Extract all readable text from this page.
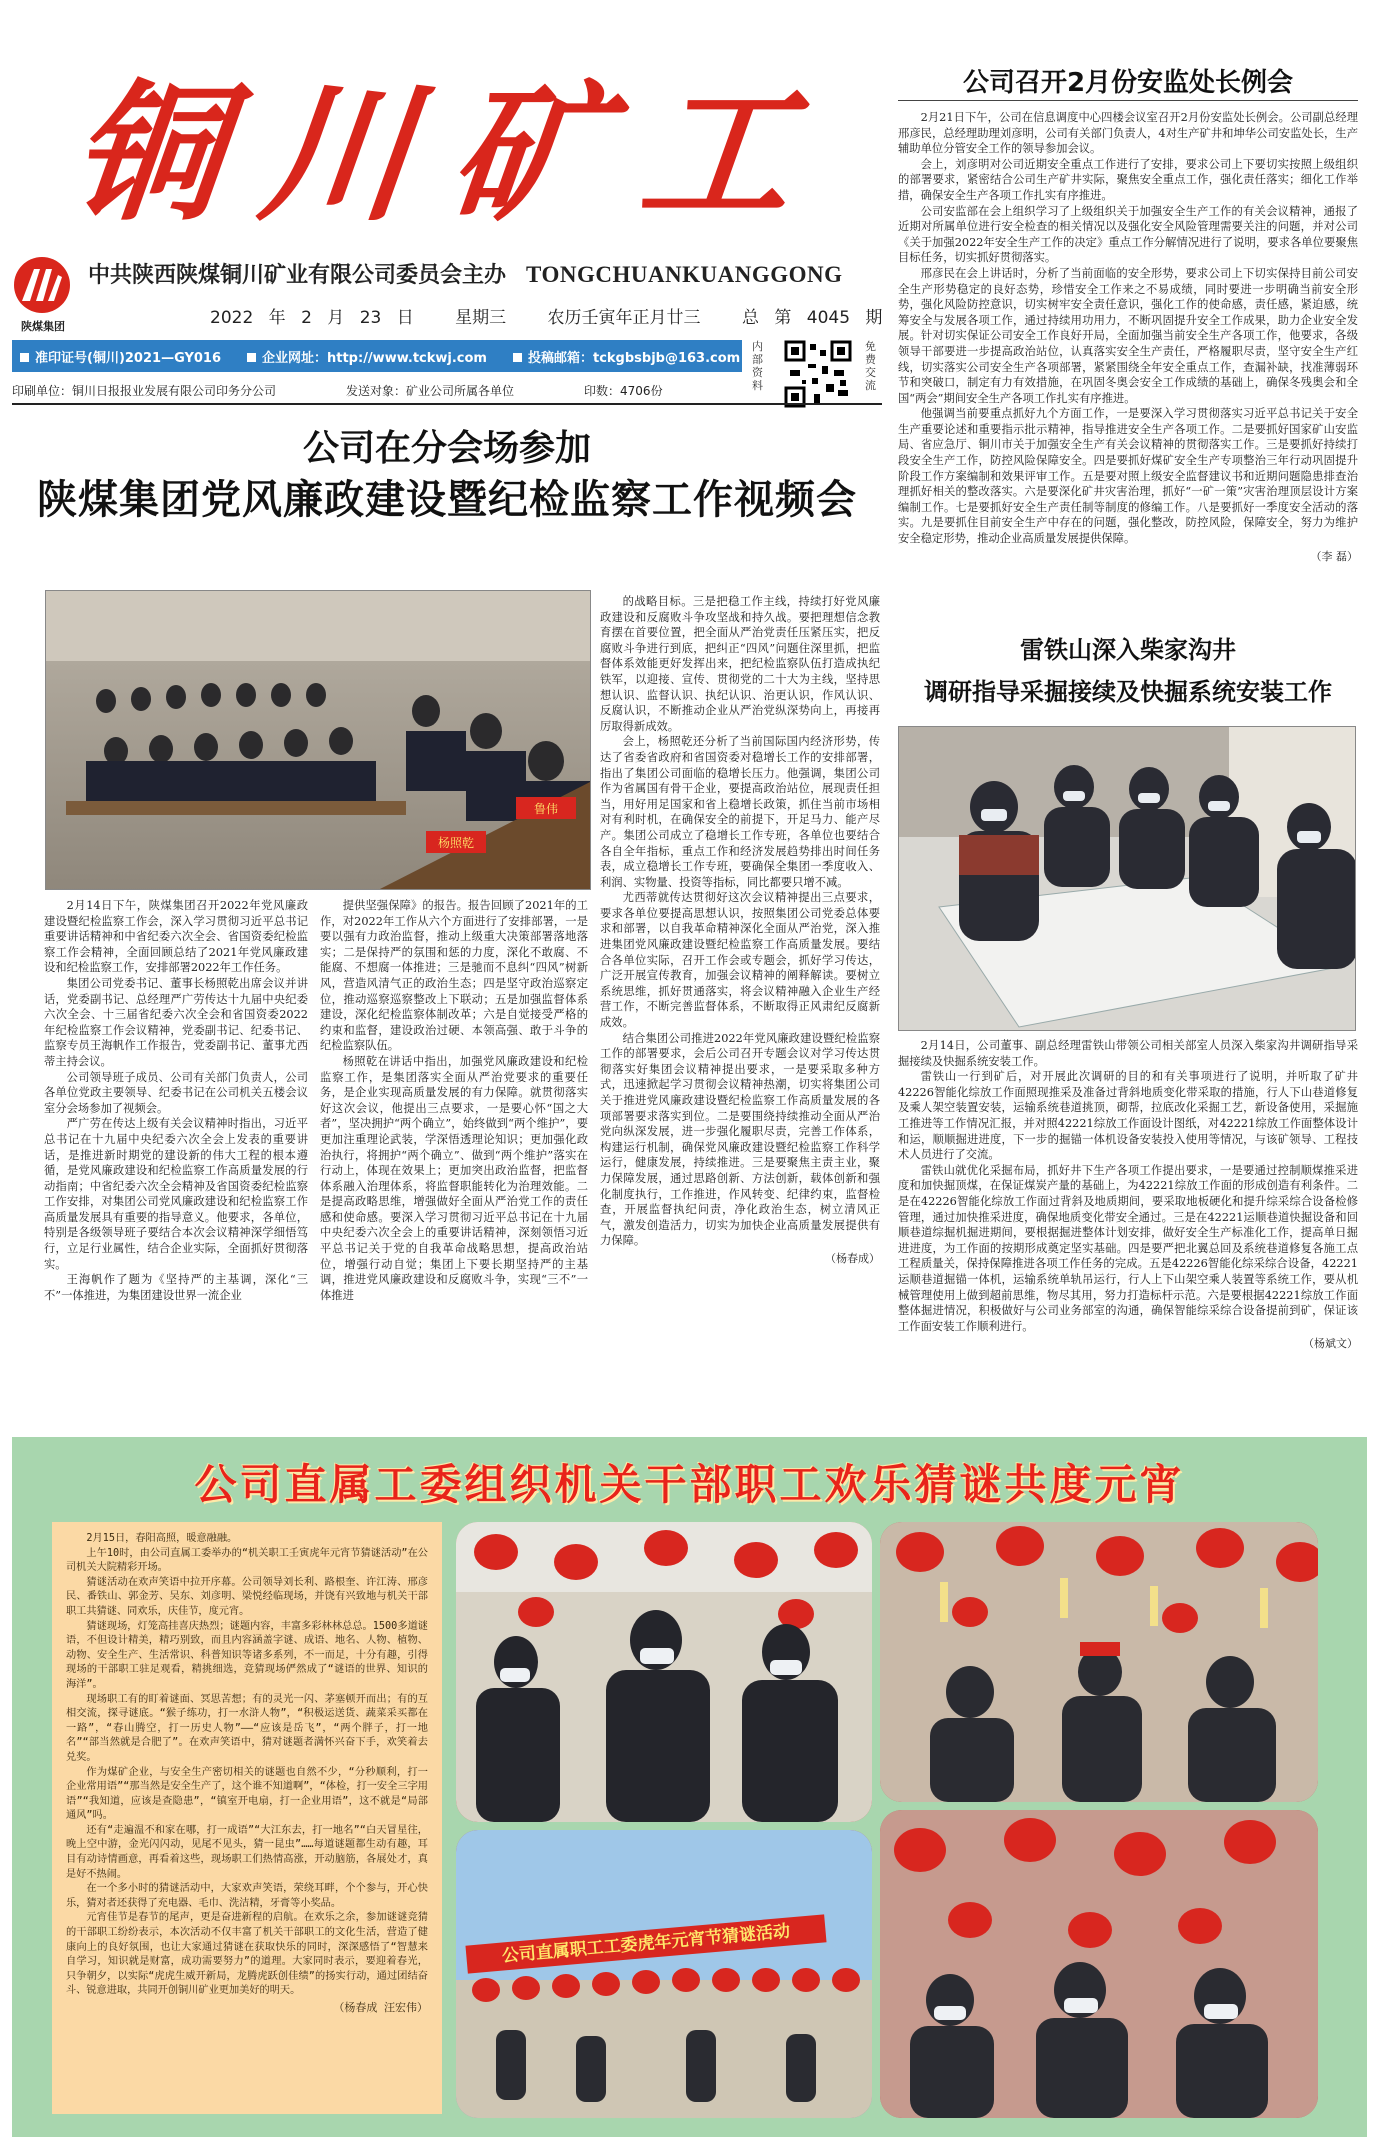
铜川矿工
陕煤集团
中共陕西陕煤铜川矿业有限公司委员会主办 TONGCHUANKUANGGONG
2022 年 2 月 23 日 星期三 农历壬寅年正月廿三 总 第 4045 期
准印证号(铜川)2021—GY016	企业网址：http://www.tckwj.com	投稿邮箱：tckgbsbjb@163.com
内部资料
免费交流
印刷单位：铜川日报报业发展有限公司印务分公司	发送对象：矿业公司所属各单位	印数：4706份
公司在分会场参加
陕煤集团党风廉政建设暨纪检监察工作视频会
杨照乾
鲁伟

2月14日下午，陕煤集团召开2022年党风廉政建设暨纪检监察工作会，深入学习贯彻习近平总书记重要讲话精神和中省纪委六次全会、省国资委纪检监察工作会精神，全面回顾总结了2021年党风廉政建设和纪检监察工作，安排部署2022年工作任务。

集团公司党委书记、董事长杨照乾出席会议并讲话，党委副书记、总经理严广劳传达十九届中央纪委六次全会、十三届省纪委六次全会和省国资委2022年纪检监察工作会议精神，党委副书记、纪委书记、监察专员王海帆作工作报告，党委副书记、董事尤西蒂主持会议。

公司领导班子成员、公司有关部门负责人，公司各单位党政主要领导、纪委书记在公司机关五楼会议室分会场参加了视频会。

严广劳在传达上级有关会议精神时指出，习近平总书记在十九届中央纪委六次全会上发表的重要讲话，是推进新时期党的建设新的伟大工程的根本遵循，是党风廉政建设和纪检监察工作高质量发展的行动指南；中省纪委六次全会精神及省国资委纪检监察工作安排，对集团公司党风廉政建设和纪检监察工作高质量发展具有重要的指导意义。他要求，各单位，特别是各级领导班子要结合本次会议精神深学细悟笃行，立足行业属性，结合企业实际，全面抓好贯彻落实。

王海帆作了题为《坚持严的主基调，深化“三不”一体推进，为集团建设世界一流企业

提供坚强保障》的报告。报告回顾了2021年的工作，对2022年工作从六个方面进行了安排部署，一是要以强有力政治监督，推动上级重大决策部署落地落实；二是保持严的氛围和惩的力度，深化不敢腐、不能腐、不想腐一体推进；三是驰而不息纠“四风”树新风，营造风清气正的政治生态；四是坚守政治巡察定位，推动巡察巡察整改上下联动；五是加强监督体系建设，深化纪检监察体制改革；六是自觉接受严格的约束和监督，建设政治过硬、本领高强、敢于斗争的纪检监察队伍。

杨照乾在讲话中指出，加强党风廉政建设和纪检监察工作，是集团落实全面从严治党要求的重要任务，是企业实现高质量发展的有力保障。就贯彻落实好这次会议，他提出三点要求，一是要心怀“国之大者”，坚决拥护“两个确立”，始终做到“两个维护”，要更加注重理论武装，学深悟透理论知识；更加强化政治执行，将拥护“两个确立”、做到“两个维护”落实在行动上，体现在效果上；更加突出政治监督，把监督体系融入治理体系，将监督职能转化为治理效能。二是提高政略思维，增强做好全面从严治党工作的责任感和使命感。要深入学习贯彻习近平总书记在十九届中央纪委六次全会上的重要讲话精神，深刻领悟习近平总书记关于党的自我革命战略思想，提高政治站位，增强行动自觉；集团上下要长期坚持严的主基调，推进党风廉政建设和反腐败斗争，实现“三不”一体推进

的战略目标。三是把稳工作主线，持续打好党风廉政建设和反腐败斗争攻坚战和持久战。要把理想信念教育摆在首要位置，把全面从严治党责任压紧压实，把反腐败斗争进行到底，把纠正“四风”问题住深里抓，把监督体系效能更好发挥出来，把纪检监察队伍打造成执纪铁军，以迎接、宣传、贯彻党的二十大为主线，坚持思想认识、监督认识、执纪认识、治更认识，作风认识、反腐认识，不断推动企业从严治党纵深势向上，再接再厉取得新成效。

会上，杨照乾还分析了当前国际国内经济形势，传达了省委省政府和省国资委对稳增长工作的安排部署，指出了集团公司面临的稳增长压力。他强调，集团公司作为省属国有骨干企业，要提高政治站位，展现责任担当，用好用足国家和省上稳增长政策，抓住当前市场相对有利时机，在确保安全的前提下，开足马力、能产尽产。集团公司成立了稳增长工作专班，各单位也要结合各自全年指标，重点工作和经济发展趋势排出时间任务表，成立稳增长工作专班，要确保全集团一季度收入、利润、实物量、投资等指标，同比都要只增不减。

尤西蒂就传达贯彻好这次会议精神提出三点要求，要求各单位要提高思想认识，按照集团公司党委总体要求和部署，以自我革命精神深化全面从严治党，深入推进集团党风廉政建设暨纪检监察工作高质量发展。要结合各单位实际，召开工作会或专题会，抓好学习传达，广泛开展宣传教育，加强会议精神的阐释解读。要树立系统思维，抓好贯通落实，将会议精神融入企业生产经营工作，不断完善监督体系，不断取得正风肃纪反腐新成效。

结合集团公司推进2022年党风廉政建设暨纪检监察工作的部署要求，会后公司召开专题会议对学习传达贯彻落实好集团会议精神提出要求，一是要采取多种方式，迅速掀起学习贯彻会议精神热潮，切实将集团公司关于推进党风廉政建设暨纪检监察工作高质量发展的各项部署要求落实到位。二是要围绕持续推动全面从严治党向纵深发展，进一步强化履职尽责，完善工作体系，构建运行机制，确保党风廉政建设暨纪检监察工作科学运行，健康发展，持续推进。三是要聚焦主责主业，聚力保障发展，通过思路创新、方法创新，载体创新和强化制度执行，工作推进，作风转变、纪律约束，监督检查，开展监督执纪问责，净化政治生态，树立清风正气，激发创造活力，切实为加快企业高质量发展提供有力保障。

（杨春成）
公司召开2月份安监处长例会

2月21日下午，公司在信息调度中心四楼会议室召开2月份安监处长例会。公司副总经理邢彦民，总经理助理刘彦明，公司有关部门负责人，4对生产矿井和坤华公司安监处长，生产辅助单位分管安全工作的领导参加会议。

会上，刘彦明对公司近期安全重点工作进行了安排，要求公司上下要切实按照上级组织的部署要求，紧密结合公司生产矿井实际，聚焦安全重点工作，强化责任落实；细化工作举措，确保安全生产各项工作扎实有序推进。

公司安监部在会上组织学习了上级组织关于加强安全生产工作的有关会议精神，通报了近期对所属单位进行安全检查的相关情况以及强化安全风险管理需要关注的问题，并对公司《关于加强2022年安全生产工作的决定》重点工作分解情况进行了说明，要求各单位要聚焦目标任务，切实抓好贯彻落实。

邢彦民在会上讲话时，分析了当前面临的安全形势，要求公司上下切实保持目前公司安全生产形势稳定的良好态势，珍惜安全工作来之不易成绩，同时要进一步明确当前安全形势，强化风险防控意识，切实树牢安全责任意识，强化工作的使命感，责任感，紧迫感，统筹安全与发展各项工作，通过持续用功用力，不断巩固提升安全工作成果，助力企业安全发展。针对切实保证公司安全工作良好开局，全面加强当前安全生产各项工作，他要求，各级领导干部要进一步提高政治站位，认真落实安全生产责任，严格履职尽责，坚守安全生产红线，切实落实公司安全生产各项部署，紧紧围绕全年安全重点工作，查漏补缺，找准薄弱环节和突破口，制定有力有效措施，在巩固冬奥会安全工作成绩的基础上，确保冬残奥会和全国“两会”期间安全生产各项工作扎实有序推进。

他强调当前要重点抓好九个方面工作，一是要深入学习贯彻落实习近平总书记关于安全生产重要论述和重要指示批示精神，指导推进安全生产各项工作。二是要抓好国家矿山安监局、省应急厅、铜川市关于加强安全生产有关会议精神的贯彻落实工作。三是要抓好持续打段安全生产工作，防控风险保障安全。四是要抓好煤矿安全生产专项整治三年行动巩固提升阶段工作方案编制和效果评审工作。五是要对照上级安全监督建议书和近期问题隐患排查治理抓好相关的整改落实。六是要深化矿井灾害治理，抓好“一矿一策”灾害治理顶层设计方案编制工作。七是要抓好安全生产责任制等制度的修编工作。八是要抓好一季度安全活动的落实。九是要抓住目前安全生产中存在的问题，强化整改，防控风险，保障安全，努力为维护安全稳定形势，推动企业高质量发展提供保障。

（李 磊）
雷铁山深入柴家沟井
调研指导采掘接续及快掘系统安装工作

2月14日，公司董事、副总经理雷铁山带领公司相关部室人员深入柴家沟井调研指导采掘接续及快掘系统安装工作。

雷铁山一行到矿后，对开展此次调研的目的和有关事项进行了说明，并听取了矿井42226智能化综放工作面照现推采及准备过背斜地质变化带采取的措施，行人下山巷道修复及乘人架空装置安装，运输系统巷道挑顶，砌帮，拉底改化采掘工艺，新设备使用，采掘施工推进等工作情况汇报，并对照42221综放工作面设计图纸，对42221综放工作面整体设计和运，顺顺掘进进度，下一步的掘锚一体机设备安装投入使用等情况，与该矿领导、工程技术人员进行了交流。

雷铁山就优化采掘布局，抓好井下生产各项工作提出要求，一是要通过控制顺煤推采进度和加快掘顶煤，在保证煤炭产量的基础上，为42221综放工作面的形成创造有利条件。二是在42226智能化综放工作面过背斜及地质期间，要采取地板硬化和提升综采综合设备检修管理，通过加快推采进度，确保地质变化带安全通过。三是在42221运顺巷道快掘设备和回顺巷道综掘机掘进期间，要根据掘进整体计划安排，做好安全生产标准化工作，提高单日掘进进度，为工作面的按期形成奠定坚实基础。四是要严把北翼总回及系统巷道修复各施工点工程质量关，保持保障推进各项工作任务的完成。五是42226智能化综采综合设备，42221运顺巷道掘锚一体机，运输系统单轨吊运行，行人上下山架空乘人装置等系统工作，要从机械管理使用上做到超前思维，物尽其用，努力打造标杆示范。六是要根据42221综放工作面整体掘进情况，积极做好与公司业务部室的沟通，确保智能综采综合设备提前到矿，保证该工作面安装工作顺利进行。

（杨斌文）
公司直属工委组织机关干部职工欢乐猜谜共度元宵

2月15日，春阳高照，暖意融融。

上午10时，由公司直属工委举办的“机关职工壬寅虎年元宵节猜谜活动”在公司机关大院精彩开场。

猜谜活动在欢声笑语中拉开序幕。公司领导刘长利、路根奎、许江涛、邢彦民、番铁山、郭金芳、吴东、刘彦明、梁悦经临现场，并饶有兴致地与机关干部职工共猜谜、同欢乐，庆佳节，度元宵。

猜谜现场，灯笼高挂喜庆热烈；谜题内容，丰富多彩林林总总。1500多道谜语，不但设计精美，精巧别致，而且内容涵盖字谜、成语、地名、人物、植物、动物、安全生产、生活常识、科普知识等诸多系列，不一而足，十分有趣，引得现场的干部职工驻足观看，精挑细选，竞猜现场俨然成了“谜语的世界、知识的海洋”。

现场职工有的盯着谜面、冥思苦想；有的灵光一闪、茅塞顿开而出；有的互相交流，探寻谜底。“猴子练功，打一水浒人物”，“积极运送货、蔬菜采买都在一路”，“春山腾空，打一历史人物”——“应该是岳飞”，“两个胖子，打一地名”“部当然就是合肥了”。在欢声笑语中，猜对谜题者满怀兴奋下手，欢笑着去兑奖。

作为煤矿企业，与安全生产密切相关的谜题也自然不少，“分秒顺利，打一企业常用语”“那当然是安全生产了，这个谁不知道啊”，“体检，打一安全三字用语”“我知道，应该是查隐患”，“镇室开电扇，打一企业用语”，这不就是“局部通风”吗。

还有“走遍温不和家在哪，打一成语”“大江东去，打一地名”“白天冒星往，晚上空中游，金光闪闪动，见尾不见头，猜一昆虫”……每道谜题都生动有趣，耳目有动诗情画意，再看着这些，现场职工们热情高涨，开动脑筋，各展处才，真是好不热闹。

在一个多小时的猜谜活动中，大家欢声笑语，荣绕耳畔，个个参与，开心快乐，猜对者还获得了充电器、毛巾、洗洁精，牙膏等小奖品。

元宵佳节是春节的尾声，更是奋进新程的启航。在欢乐之余，参加谜谜竞猜的干部职工纷纷表示，本次活动不仅丰富了机关干部职工的文化生活，营造了健康向上的良好氛围，也让大家通过猜谜在获取快乐的同时，深深感悟了“智慧来自学习，知识就是财富，成功需要努力”的道理。大家同时表示，要迎着春光，只争朝夕，以实际“虎虎生威开新局，龙腾虎跃创佳绩”的扬实行动，通过团结奋斗、锐意进取，共同开创铜川矿业更加美好的明天。

（杨春成 汪宏伟）
公司直属职工工委虎年元宵节猜谜活动
